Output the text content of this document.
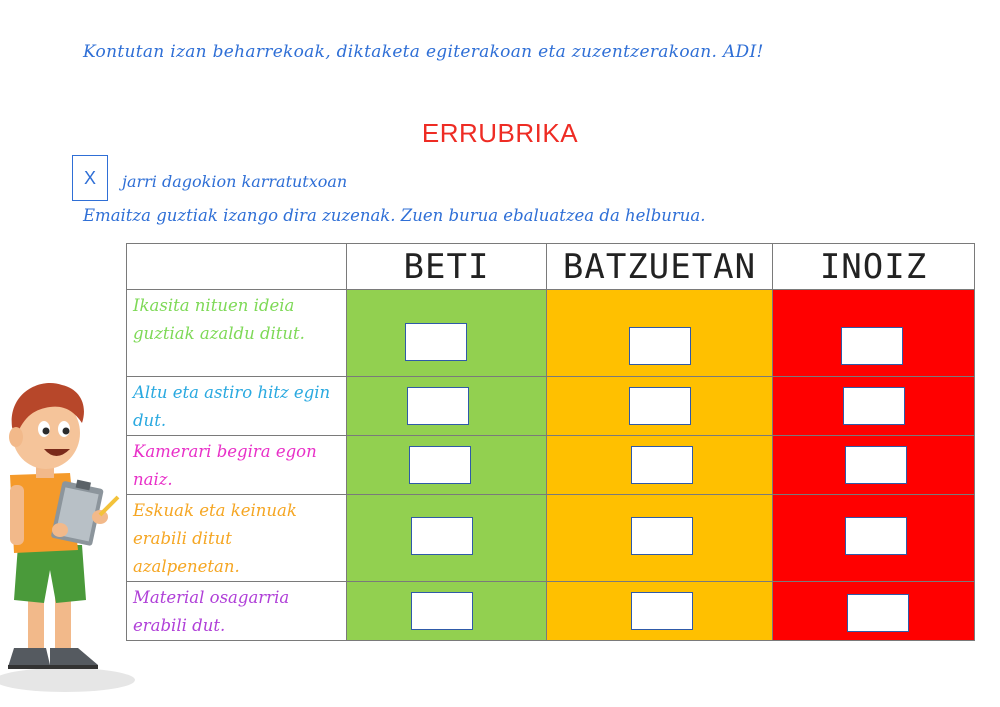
Kontutan izan beharrekoak, diktaketa egiterakoan eta zuzentzerakoan. ADI!
ERRUBRIKA
X	jarri dagokion karratutxoan
Emaitza guztiak izango dira zuzenak. Zuen burua ebaluatzea da helburua.
	BETI	BATZUETAN	INOIZ
Ikasita nituen ideia guztiak azaldu ditut.	

Altu eta astiro hitz egin dut.	

Kamerari begira egon naiz.	

Eskuak eta keinuak erabili ditut azalpenetan.	

Material osagarria erabili dut.	
